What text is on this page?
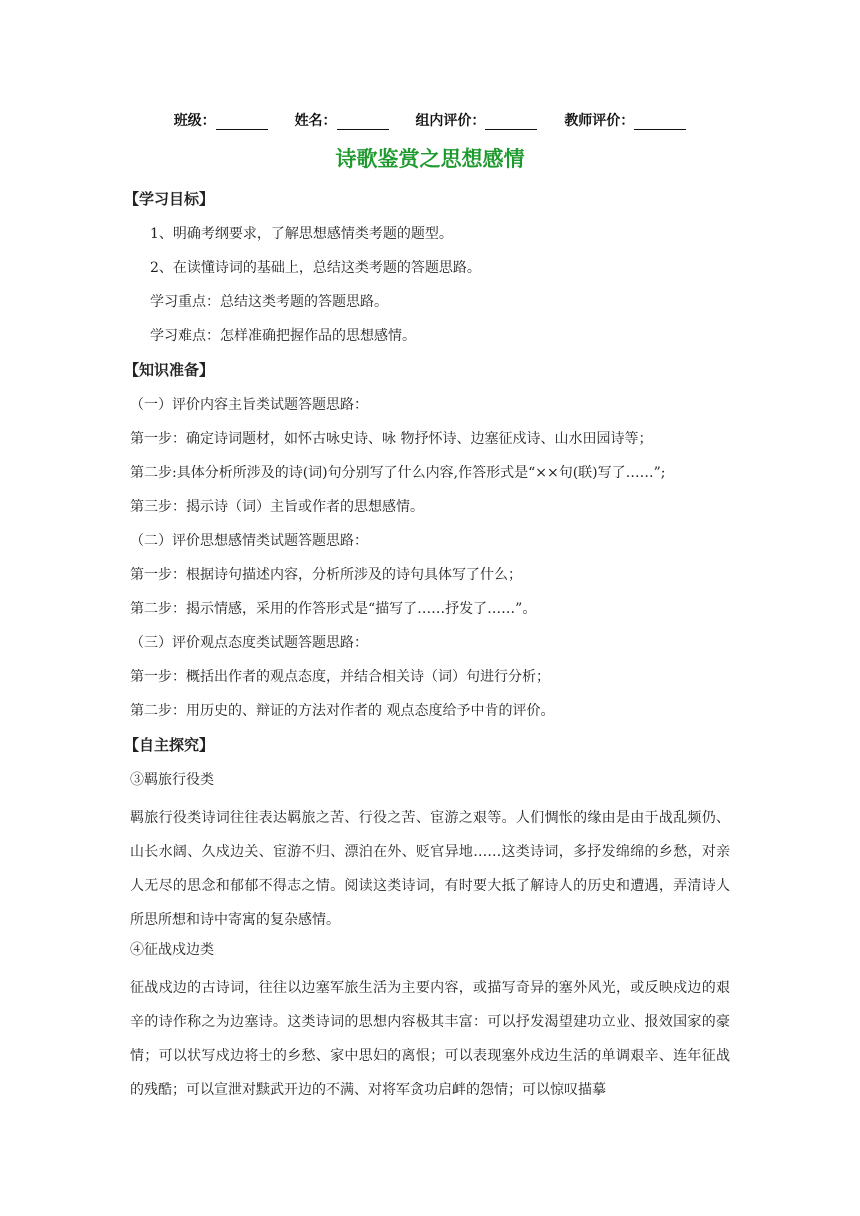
班级：	姓名：	组内评价：	教师评价：
诗歌鉴赏之思想感情
【学习目标】
1、明确考纲要求，了解思想感情类考题的题型。
2、在读懂诗词的基础上，总结这类考题的答题思路。
学习重点：总结这类考题的答题思路。
学习难点：怎样准确把握作品的思想感情。
【知识准备】
（一）评价内容主旨类试题答题思路：
第一步：确定诗词题材，如怀古咏史诗、咏 物抒怀诗、边塞征戍诗、山水田园诗等；
第二步:具体分析所涉及的诗(词)句分别写了什么内容,作答形式是“××句(联)写了……”;
第三步：揭示诗（词）主旨或作者的思想感情。
（二）评价思想感情类试题答题思路：
第一步：根据诗句描述内容，分析所涉及的诗句具体写了什么；
第二步：揭示情感，采用的作答形式是“描写了……抒发了……”。
（三）评价观点态度类试题答题思路：
第一步：概括出作者的观点态度，并结合相关诗（词）句进行分析；
第二步：用历史的、辩证的方法对作者的 观点态度给予中肯的评价。
【自主探究】
③羁旅行役类

羁旅行役类诗词往往表达羁旅之苦、行役之苦、宦游之艰等。人们惆怅的缘由是由于战乱频仍、山长水阔、久戍边关、宦游不归、漂泊在外、贬官异地……这类诗词，多抒发绵绵的乡愁，对亲人无尽的思念和郁郁不得志之情。阅读这类诗词，有时要大抵了解诗人的历史和遭遇，弄清诗人所思所想和诗中寄寓的复杂感情。

④征战戍边类

征战戍边的古诗词，往往以边塞军旅生活为主要内容，或描写奇异的塞外风光，或反映戍边的艰辛的诗作称之为边塞诗。这类诗词的思想内容极其丰富：可以抒发渴望建功立业、报效国家的豪情；可以状写戍边将士的乡愁、家中思妇的离恨；可以表现塞外戍边生活的单调艰辛、连年征战的残酷；可以宣泄对黩武开边的不满、对将军贪功启衅的怨情；可以惊叹描摹
